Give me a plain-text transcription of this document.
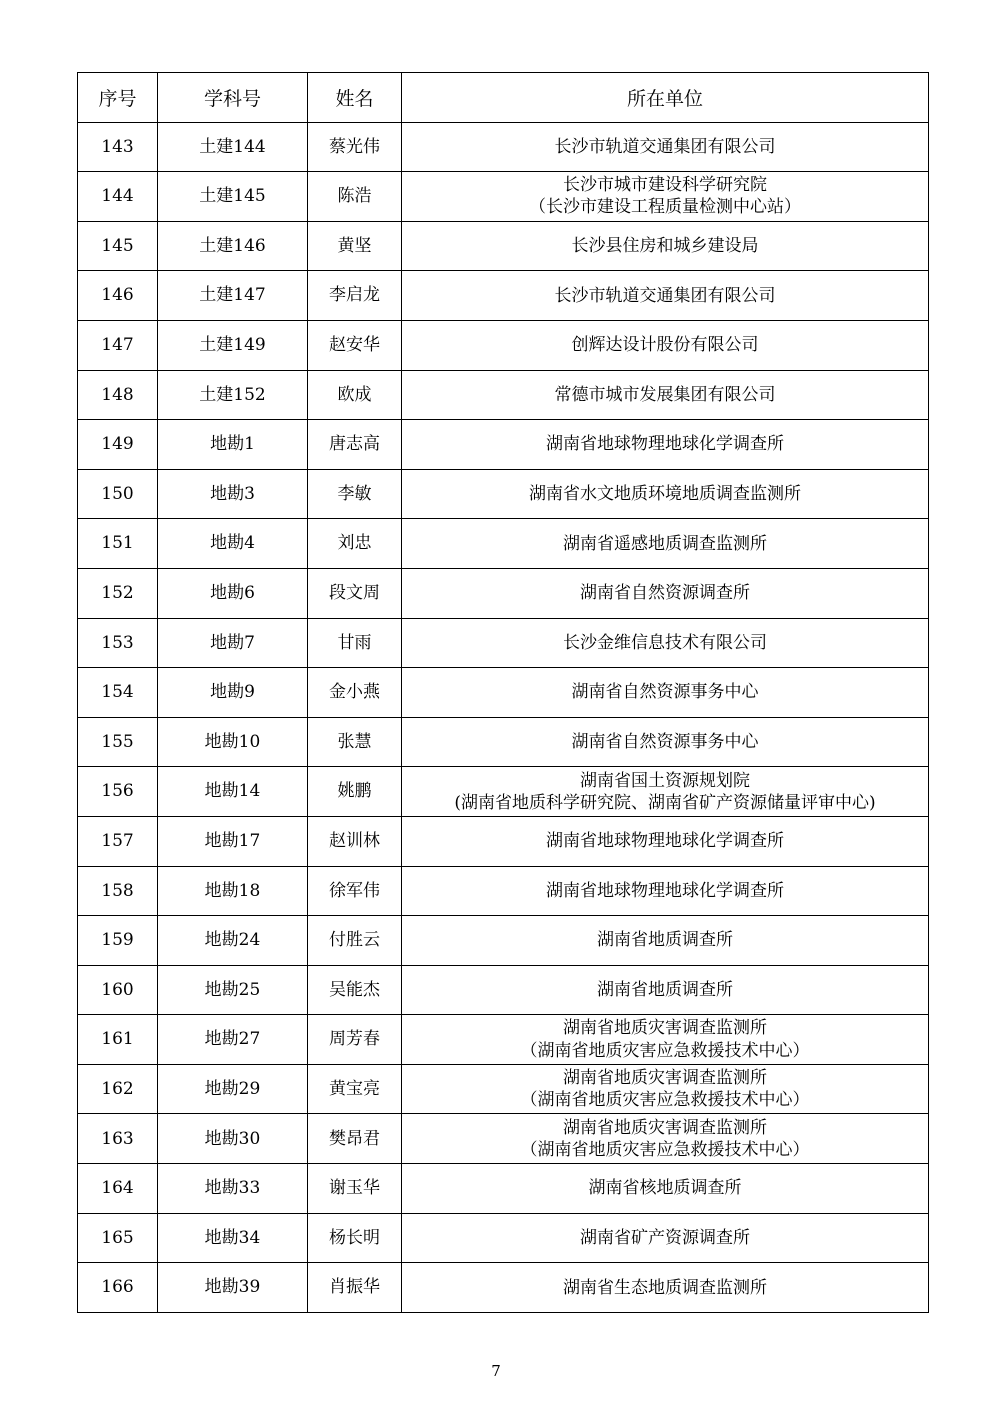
序号	学科号	姓名	所在单位
143	土建144	蔡光伟	长沙市轨道交通集团有限公司

144	土建145	陈浩	长沙市城市建设科学研究院
（长沙市建设工程质量检测中心站）

145	土建146	黄坚	长沙县住房和城乡建设局

146	土建147	李启龙	长沙市轨道交通集团有限公司

147	土建149	赵安华	创辉达设计股份有限公司

148	土建152	欧成	常德市城市发展集团有限公司

149	地勘1	唐志高	湖南省地球物理地球化学调查所

150	地勘3	李敏	湖南省水文地质环境地质调查监测所

151	地勘4	刘忠	湖南省遥感地质调查监测所

152	地勘6	段文周	湖南省自然资源调查所

153	地勘7	甘雨	长沙金维信息技术有限公司

154	地勘9	金小燕	湖南省自然资源事务中心

155	地勘10	张慧	湖南省自然资源事务中心

156	地勘14	姚鹏	湖南省国土资源规划院
(湖南省地质科学研究院、湖南省矿产资源储量评审中心)

157	地勘17	赵训林	湖南省地球物理地球化学调查所

158	地勘18	徐军伟	湖南省地球物理地球化学调查所

159	地勘24	付胜云	湖南省地质调查所

160	地勘25	吴能杰	湖南省地质调查所

161	地勘27	周芳春	湖南省地质灾害调查监测所
（湖南省地质灾害应急救援技术中心）

162	地勘29	黄宝亮	湖南省地质灾害调查监测所
（湖南省地质灾害应急救援技术中心）

163	地勘30	樊昂君	湖南省地质灾害调查监测所
（湖南省地质灾害应急救援技术中心）

164	地勘33	谢玉华	湖南省核地质调查所

165	地勘34	杨长明	湖南省矿产资源调查所

166	地勘39	肖振华	湖南省生态地质调查监测所
7
